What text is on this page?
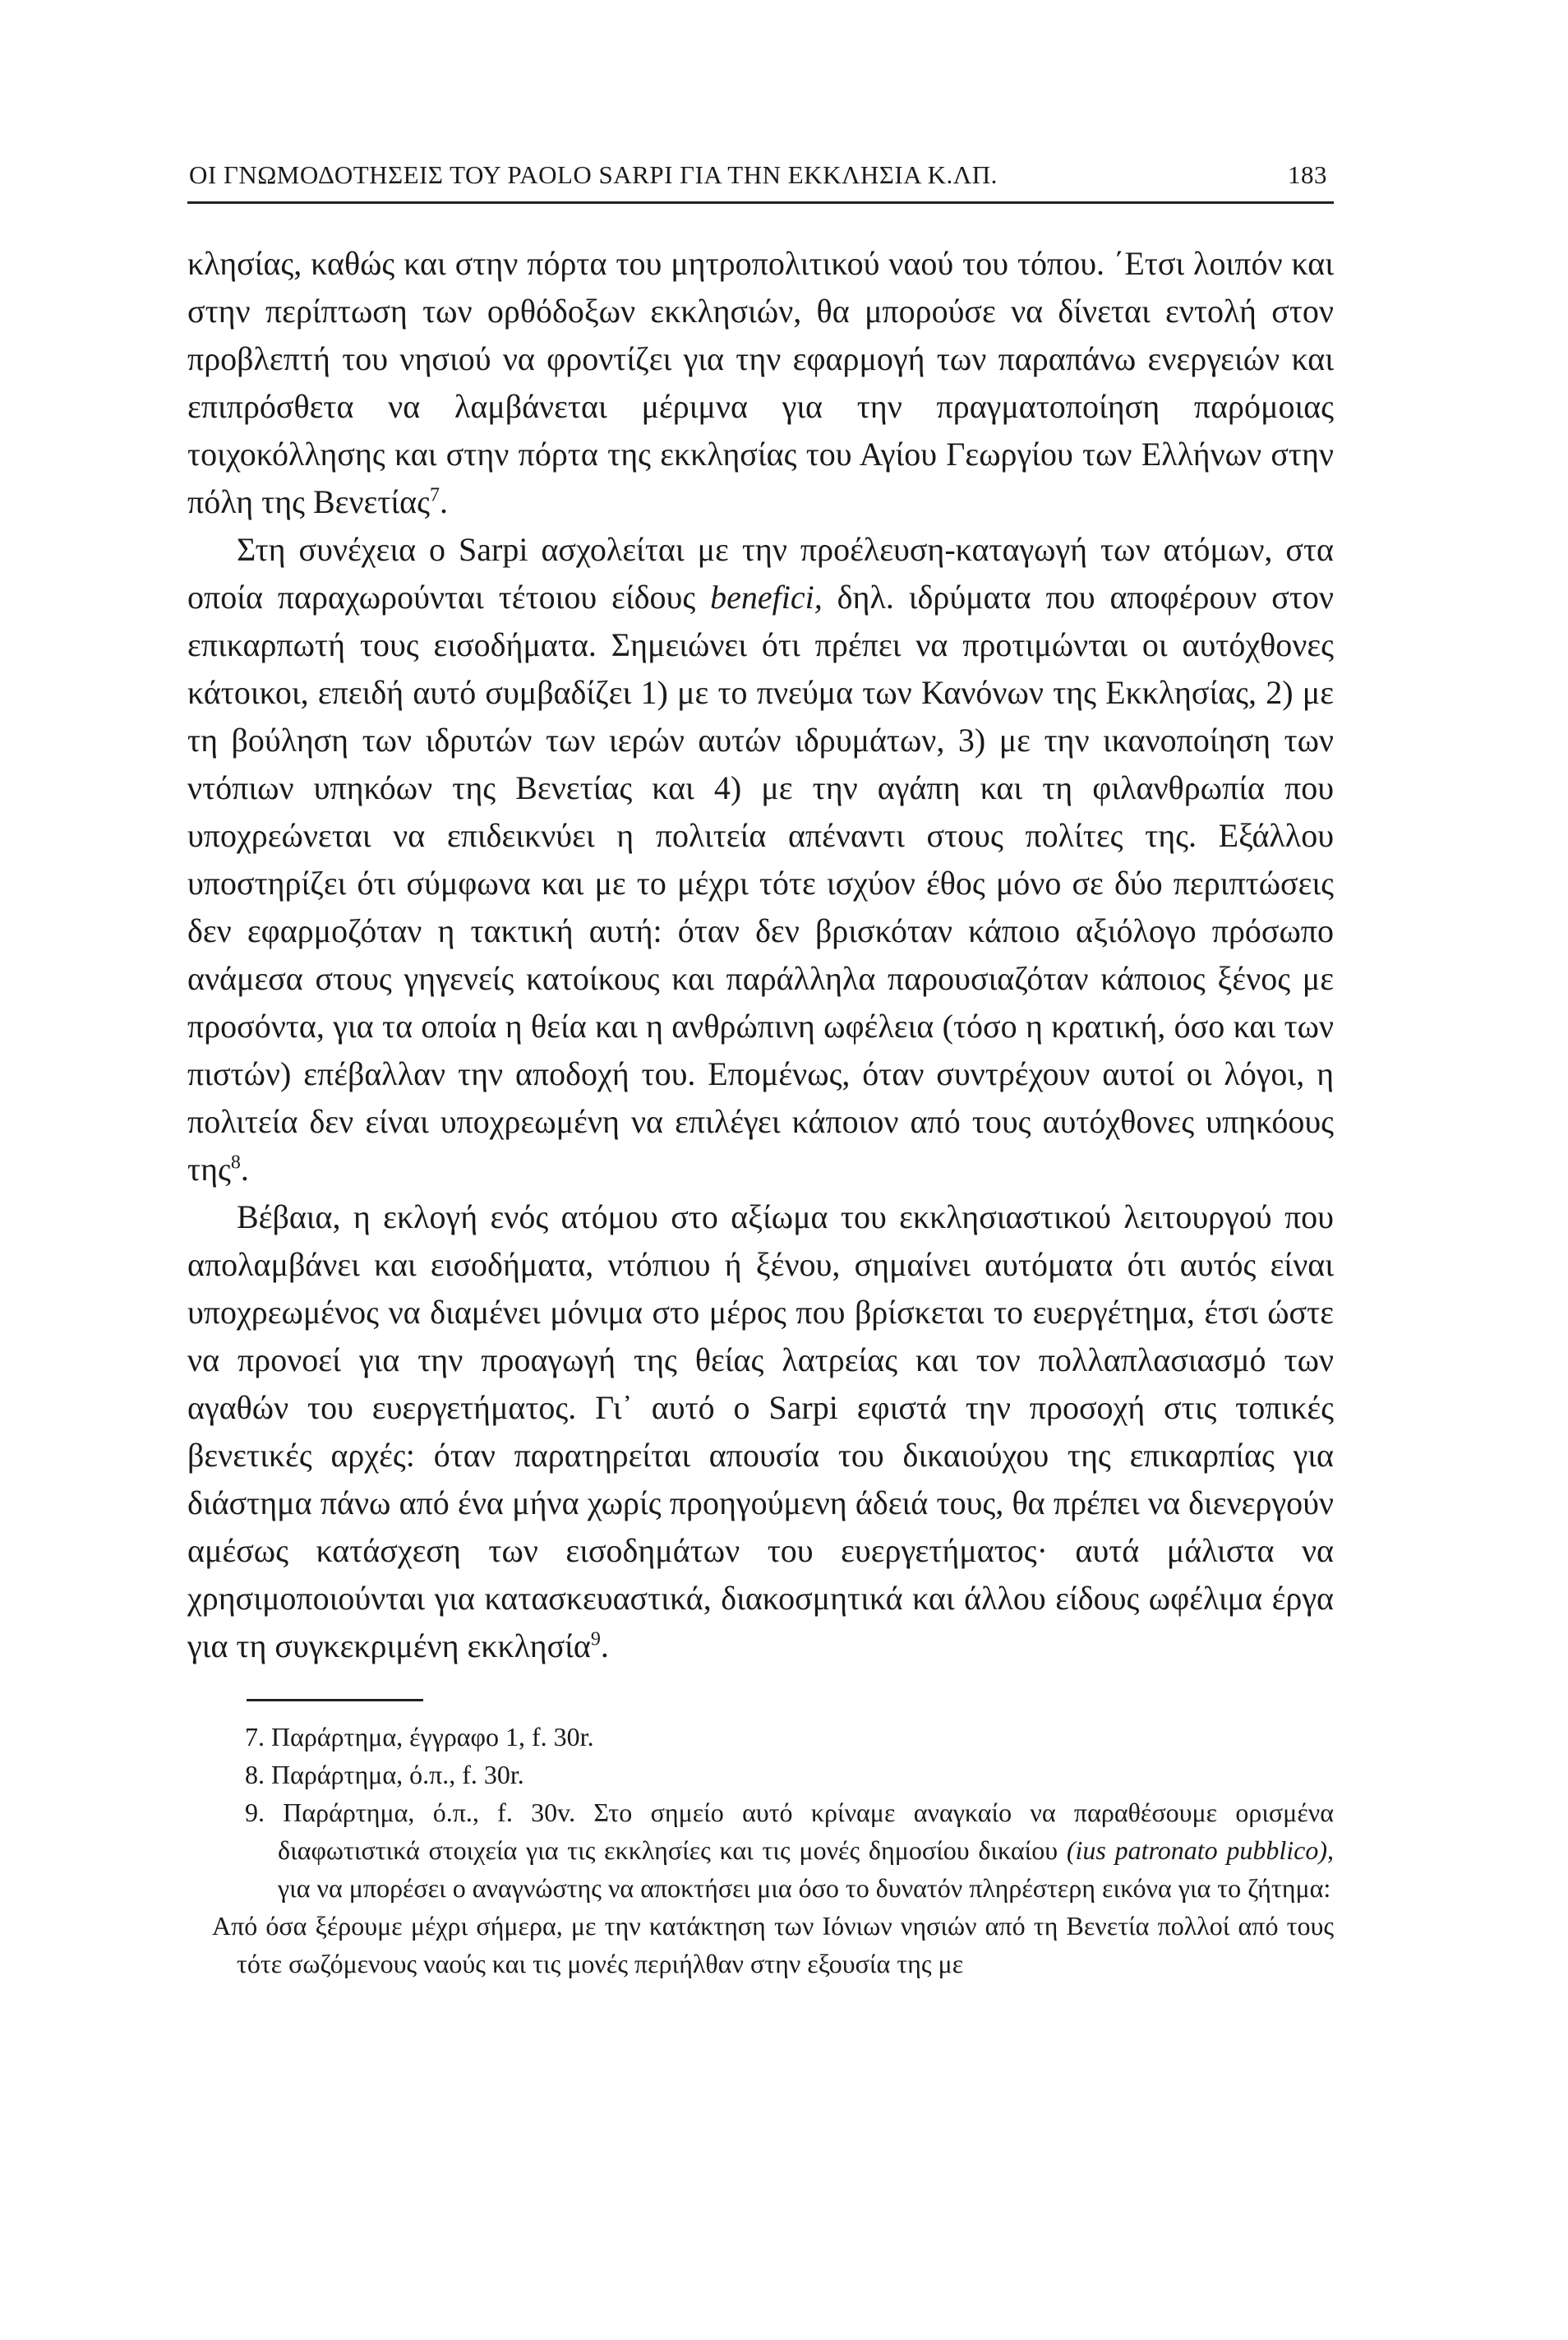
ΟΙ ΓΝΩΜΟΔΟΤΗΣΕΙΣ ΤΟΥ PAOLO SARPI ΓΙΑ ΤΗΝ ΕΚΚΛΗΣΙΑ Κ.ΛΠ.	183

κλησίας, καθώς και στην πόρτα του μητροπολιτικού ναού του τόπου. ΄Ετσι λοιπόν και στην περίπτωση των ορθόδοξων εκκλησιών, θα μπορούσε να δίνεται εντολή στον προβλεπτή του νησιού να φροντίζει για την εφαρμογή των παραπάνω ενεργειών και επιπρόσθετα να λαμβάνεται μέριμνα για την πραγματοποίηση παρόμοιας τοιχοκόλλησης και στην πόρτα της εκκλησίας του Αγίου Γεωργίου των Ελλήνων στην πόλη της Βενετίας$^7$.

Στη συνέχεια ο Sarpi ασχολείται με την προέλευση-καταγωγή των ατόμων, στα οποία παραχωρούνται τέτοιου είδους benefici, δηλ. ιδρύματα που αποφέρουν στον επικαρπωτή τους εισοδήματα. Σημειώνει ότι πρέπει να προτιμώνται οι αυτόχθονες κάτοικοι, επειδή αυτό συμβαδίζει 1) με το πνεύμα των Κανόνων της Εκκλησίας, 2) με τη βούληση των ιδρυτών των ιερών αυτών ιδρυμάτων, 3) με την ικανοποίηση των ντόπιων υπηκόων της Βενετίας και 4) με την αγάπη και τη φιλανθρωπία που υποχρεώνεται να επιδεικνύει η πολιτεία απέναντι στους πολίτες της. Εξάλλου υποστηρίζει ότι σύμφωνα και με το μέχρι τότε ισχύον έθος μόνο σε δύο περιπτώσεις δεν εφαρμοζόταν η τακτική αυτή: όταν δεν βρισκόταν κάποιο αξιόλογο πρόσωπο ανάμεσα στους γηγενείς κατοίκους και παράλληλα παρουσιαζόταν κάποιος ξένος με προσόντα, για τα οποία η θεία και η ανθρώπινη ωφέλεια (τόσο η κρατική, όσο και των πιστών) επέβαλλαν την αποδοχή του. Επομένως, όταν συντρέχουν αυτοί οι λόγοι, η πολιτεία δεν είναι υποχρεωμένη να επιλέγει κάποιον από τους αυτόχθονες υπηκόους της$^8$.

Βέβαια, η εκλογή ενός ατόμου στο αξίωμα του εκκλησιαστικού λειτουργού που απολαμβάνει και εισοδήματα, ντόπιου ή ξένου, σημαίνει αυτόματα ότι αυτός είναι υποχρεωμένος να διαμένει μόνιμα στο μέρος που βρίσκεται το ευεργέτημα, έτσι ώστε να προνοεί για την προαγωγή της θείας λατρείας και τον πολλαπλασιασμό των αγαθών του ευεργετήματος. Γι᾽ αυτό ο Sarpi εφιστά την προσοχή στις τοπικές βενετικές αρχές: όταν παρατηρείται απουσία του δικαιούχου της επικαρπίας για διάστημα πάνω από ένα μήνα χωρίς προηγούμενη άδειά τους, θα πρέπει να διενεργούν αμέσως κατάσχεση των εισοδημάτων του ευεργετήματος· αυτά μάλιστα να χρησιμοποιούνται για κατασκευαστικά, διακοσμητικά και άλλου είδους ωφέλιμα έργα για τη συγκεκριμένη εκκλησία$^9$.

7. Παράρτημα, έγγραφο 1, f. 30r.

8. Παράρτημα, ό.π., f. 30r.

9. Παράρτημα, ό.π., f. 30v. Στο σημείο αυτό κρίναμε αναγκαίο να παραθέσουμε ορισμένα διαφωτιστικά στοιχεία για τις εκκλησίες και τις μονές δημοσίου δικαίου (ius patronato pubblico), για να μπορέσει ο αναγνώστης να αποκτήσει μια όσο το δυνατόν πληρέστερη εικόνα για το ζήτημα:

Από όσα ξέρουμε μέχρι σήμερα, με την κατάκτηση των Ιόνιων νησιών από τη Βενετία πολλοί από τους τότε σωζόμενους ναούς και τις μονές περιήλθαν στην εξουσία της με
